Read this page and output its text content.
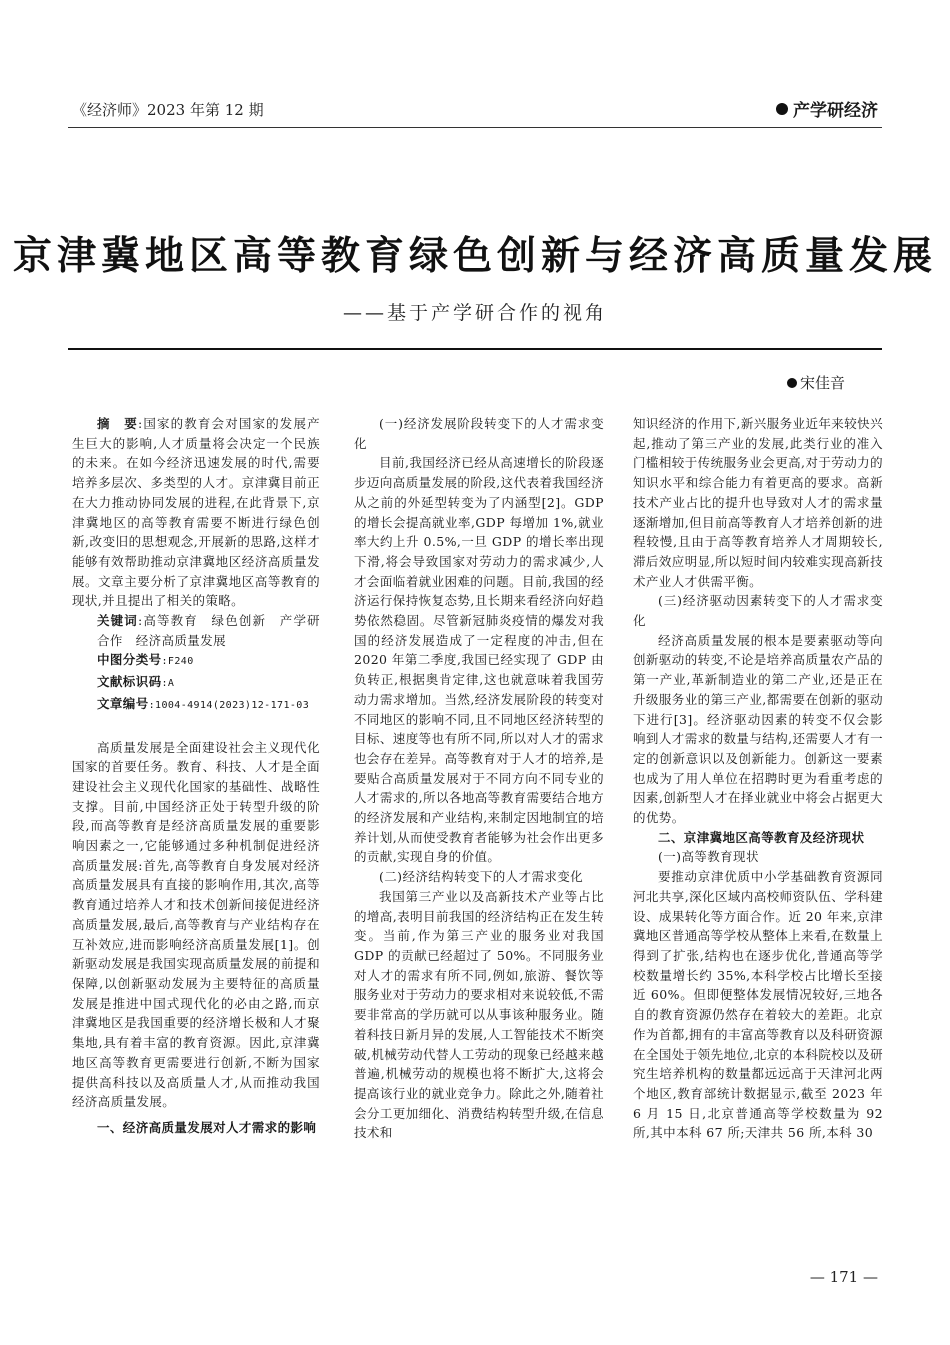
《经济师》2023 年第 12 期	产学研经济
京津冀地区高等教育绿色创新与经济高质量发展
——基于产学研合作的视角
宋佳音

摘　要:国家的教育会对国家的发展产生巨大的影响,人才质量将会决定一个民族的未来。在如今经济迅速发展的时代,需要培养多层次、多类型的人才。京津冀目前正在大力推动协同发展的进程,在此背景下,京津冀地区的高等教育需要不断进行绿色创新,改变旧的思想观念,开展新的思路,这样才能够有效帮助推动京津冀地区经济高质量发展。文章主要分析了京津冀地区高等教育的现状,并且提出了相关的策略。

关键词:高等教育　绿色创新　产学研合作　经济高质量发展
中图分类号:F240
文献标识码:A
文章编号:1004-4914(2023)12-171-03

高质量发展是全面建设社会主义现代化国家的首要任务。教育、科技、人才是全面建设社会主义现代化国家的基础性、战略性支撑。目前,中国经济正处于转型升级的阶段,而高等教育是经济高质量发展的重要影响因素之一,它能够通过多种机制促进经济高质量发展:首先,高等教育自身发展对经济高质量发展具有直接的影响作用,其次,高等教育通过培养人才和技术创新间接促进经济高质量发展,最后,高等教育与产业结构存在互补效应,进而影响经济高质量发展[1]。创新驱动发展是我国实现高质量发展的前提和保障,以创新驱动发展为主要特征的高质量发展是推进中国式现代化的必由之路,而京津冀地区是我国重要的经济增长极和人才聚集地,具有着丰富的教育资源。因此,京津冀地区高等教育更需要进行创新,不断为国家提供高科技以及高质量人才,从而推动我国经济高质量发展。

一、经济高质量发展对人才需求的影响

(一)经济发展阶段转变下的人才需求变化

目前,我国经济已经从高速增长的阶段逐步迈向高质量发展的阶段,这代表着我国经济从之前的外延型转变为了内涵型[2]。GDP 的增长会提高就业率,GDP 每增加 1%,就业率大约上升 0.5%,一旦 GDP 的增长率出现下滑,将会导致国家对劳动力的需求减少,人才会面临着就业困难的问题。目前,我国的经济运行保持恢复态势,且长期来看经济向好趋势依然稳固。尽管新冠肺炎疫情的爆发对我国的经济发展造成了一定程度的冲击,但在 2020 年第二季度,我国已经实现了 GDP 由负转正,根据奥肯定律,这也就意味着我国劳动力需求增加。当然,经济发展阶段的转变对不同地区的影响不同,且不同地区经济转型的目标、速度等也有所不同,所以对人才的需求也会存在差异。高等教育对于人才的培养,是要贴合高质量发展对于不同方向不同专业的人才需求的,所以各地高等教育需要结合地方的经济发展和产业结构,来制定因地制宜的培养计划,从而使受教育者能够为社会作出更多的贡献,实现自身的价值。

(二)经济结构转变下的人才需求变化

我国第三产业以及高新技术产业等占比的增高,表明目前我国的经济结构正在发生转变。当前,作为第三产业的服务业对我国 GDP 的贡献已经超过了 50%。不同服务业对人才的需求有所不同,例如,旅游、餐饮等服务业对于劳动力的要求相对来说较低,不需要非常高的学历就可以从事该种服务业。随着科技日新月异的发展,人工智能技术不断突破,机械劳动代替人工劳动的现象已经越来越普遍,机械劳动的规模也将不断扩大,这将会提高该行业的就业竞争力。除此之外,随着社会分工更加细化、消费结构转型升级,在信息技术和

知识经济的作用下,新兴服务业近年来较快兴起,推动了第三产业的发展,此类行业的准入门槛相较于传统服务业会更高,对于劳动力的知识水平和综合能力有着更高的要求。高新技术产业占比的提升也导致对人才的需求量逐渐增加,但目前高等教育人才培养创新的进程较慢,且由于高等教育培养人才周期较长,滞后效应明显,所以短时间内较难实现高新技术产业人才供需平衡。

(三)经济驱动因素转变下的人才需求变化

经济高质量发展的根本是要素驱动等向创新驱动的转变,不论是培养高质量农产品的第一产业,革新制造业的第二产业,还是正在升级服务业的第三产业,都需要在创新的驱动下进行[3]。经济驱动因素的转变不仅会影响到人才需求的数量与结构,还需要人才有一定的创新意识以及创新能力。创新这一要素也成为了用人单位在招聘时更为看重考虑的因素,创新型人才在择业就业中将会占据更大的优势。

二、京津冀地区高等教育及经济现状

(一)高等教育现状

要推动京津优质中小学基础教育资源同河北共享,深化区域内高校师资队伍、学科建设、成果转化等方面合作。近 20 年来,京津冀地区普通高等学校从整体上来看,在数量上得到了扩张,结构也在逐步优化,普通高等学校数量增长约 35%,本科学校占比增长至接近 60%。但即便整体发展情况较好,三地各自的教育资源仍然存在着较大的差距。北京作为首都,拥有的丰富高等教育以及科研资源在全国处于领先地位,北京的本科院校以及研究生培养机构的数量都远远高于天津河北两个地区,教育部统计数据显示,截至 2023 年 6 月 15 日,北京普通高等学校数量为 92 所,其中本科 67 所;天津共 56 所,本科 30

— 171 —
